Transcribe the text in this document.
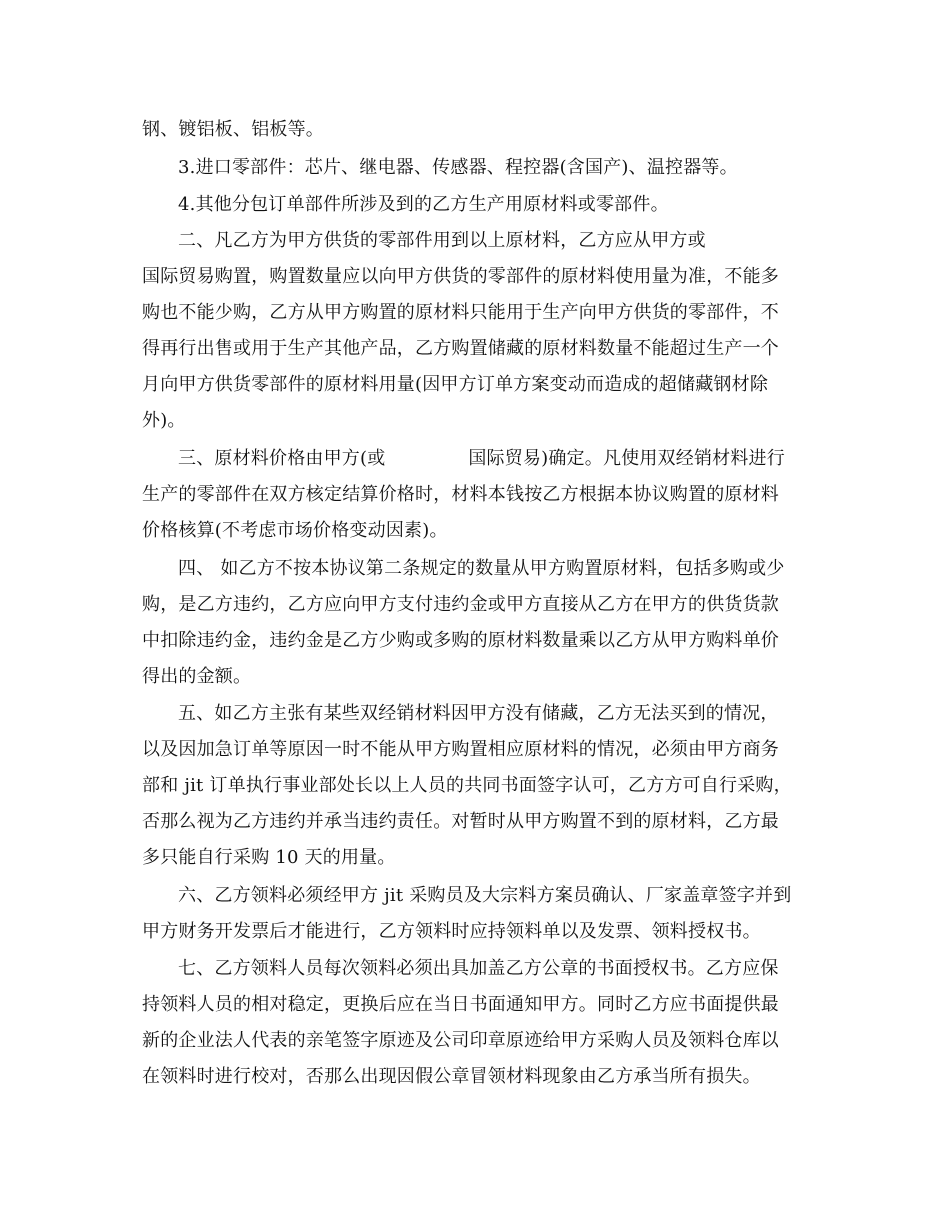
钢、镀铝板、铝板等。
3.进口零部件：芯片、继电器、传感器、程控器(含国产)、温控器等。
4.其他分包订单部件所涉及到的乙方生产用原材料或零部件。
二、凡乙方为甲方供货的零部件用到以上原材料，乙方应从甲方或
国际贸易购置，购置数量应以向甲方供货的零部件的原材料使用量为准，不能多
购也不能少购，乙方从甲方购置的原材料只能用于生产向甲方供货的零部件，不
得再行出售或用于生产其他产品，乙方购置储藏的原材料数量不能超过生产一个
月向甲方供货零部件的原材料用量(因甲方订单方案变动而造成的超储藏钢材除
外)。
三、原材料价格由甲方(或              国际贸易)确定。凡使用双经销材料进行
生产的零部件在双方核定结算价格时，材料本钱按乙方根据本协议购置的原材料
价格核算(不考虑市场价格变动因素)。
四、 如乙方不按本协议第二条规定的数量从甲方购置原材料，包括多购或少
购，是乙方违约，乙方应向甲方支付违约金或甲方直接从乙方在甲方的供货货款
中扣除违约金，违约金是乙方少购或多购的原材料数量乘以乙方从甲方购料单价
得出的金额。
五、如乙方主张有某些双经销材料因甲方没有储藏，乙方无法买到的情况，
以及因加急订单等原因一时不能从甲方购置相应原材料的情况，必须由甲方商务
部和 jit 订单执行事业部处长以上人员的共同书面签字认可，乙方方可自行采购，
否那么视为乙方违约并承当违约责任。对暂时从甲方购置不到的原材料，乙方最
多只能自行采购 10 天的用量。
六、乙方领料必须经甲方 jit 采购员及大宗料方案员确认、厂家盖章签字并到
甲方财务开发票后才能进行，乙方领料时应持领料单以及发票、领料授权书。
七、乙方领料人员每次领料必须出具加盖乙方公章的书面授权书。乙方应保
持领料人员的相对稳定，更换后应在当日书面通知甲方。同时乙方应书面提供最
新的企业法人代表的亲笔签字原迹及公司印章原迹给甲方采购人员及领料仓库以
在领料时进行校对，否那么出现因假公章冒领材料现象由乙方承当所有损失。
